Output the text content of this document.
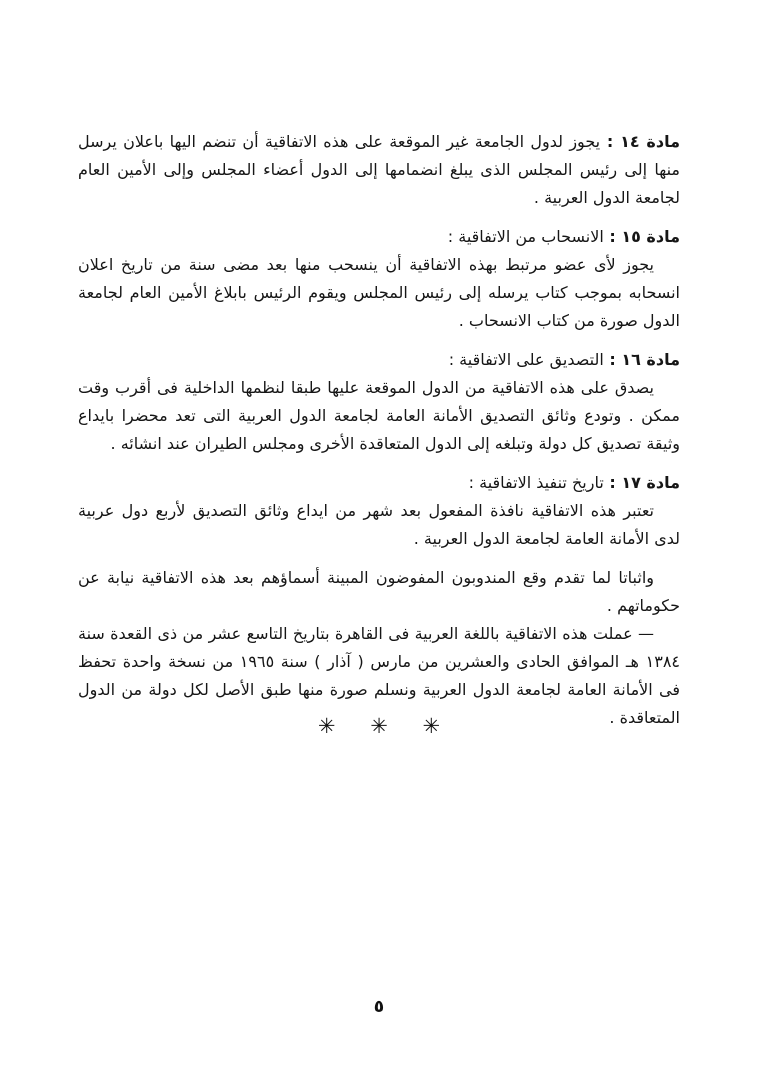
مادة ١٤ : يجوز لدول الجامعة غير الموقعة على هذه الاتفاقية أن تنضم اليها باعلان يرسل منها إلى رئيس المجلس الذى يبلغ انضمامها إلى الدول أعضاء المجلس وإلى الأمين العام لجامعة الدول العربية .

مادة ١٥ : الانسحاب من الاتفاقية :

يجوز لأى عضو مرتبط بهذه الاتفاقية أن ينسحب منها بعد مضى سنة من تاريخ اعلان انسحابه بموجب كتاب يرسله إلى رئيس المجلس ويقوم الرئيس بابلاغ الأمين العام لجامعة الدول صورة من كتاب الانسحاب .

مادة ١٦ : التصديق على الاتفاقية :

يصدق على هذه الاتفاقية من الدول الموقعة عليها طبقا لنظمها الداخلية فى أقرب وقت ممكن . وتودع وثائق التصديق الأمانة العامة لجامعة الدول العربية التى تعد محضرا بايداع وثيقة تصديق كل دولة وتبلغه إلى الدول المتعاقدة الأخرى ومجلس الطيران عند انشائه .

مادة ١٧ : تاريخ تنفيذ الاتفاقية :

تعتبر هذه الاتفاقية نافذة المفعول بعد شهر من ايداع وثائق التصديق لأربع دول عربية لدى الأمانة العامة لجامعة الدول العربية .

واثباتا لما تقدم وقع المندوبون المفوضون المبينة أسماؤهم بعد هذه الاتفاقية نيابة عن حكوماتهم .

— عملت هذه الاتفاقية باللغة العربية فى القاهرة بتاريخ التاسع عشر من ذى القعدة سنة ١٣٨٤ هـ الموافق الحادى والعشرين من مارس ( آذار ) سنة ١٩٦٥ من نسخة واحدة تحفظ فى الأمانة العامة لجامعة الدول العربية ونسلم صورة منها طبق الأصل لكل دولة من الدول المتعاقدة .

✳ ✳ ✳
٥
